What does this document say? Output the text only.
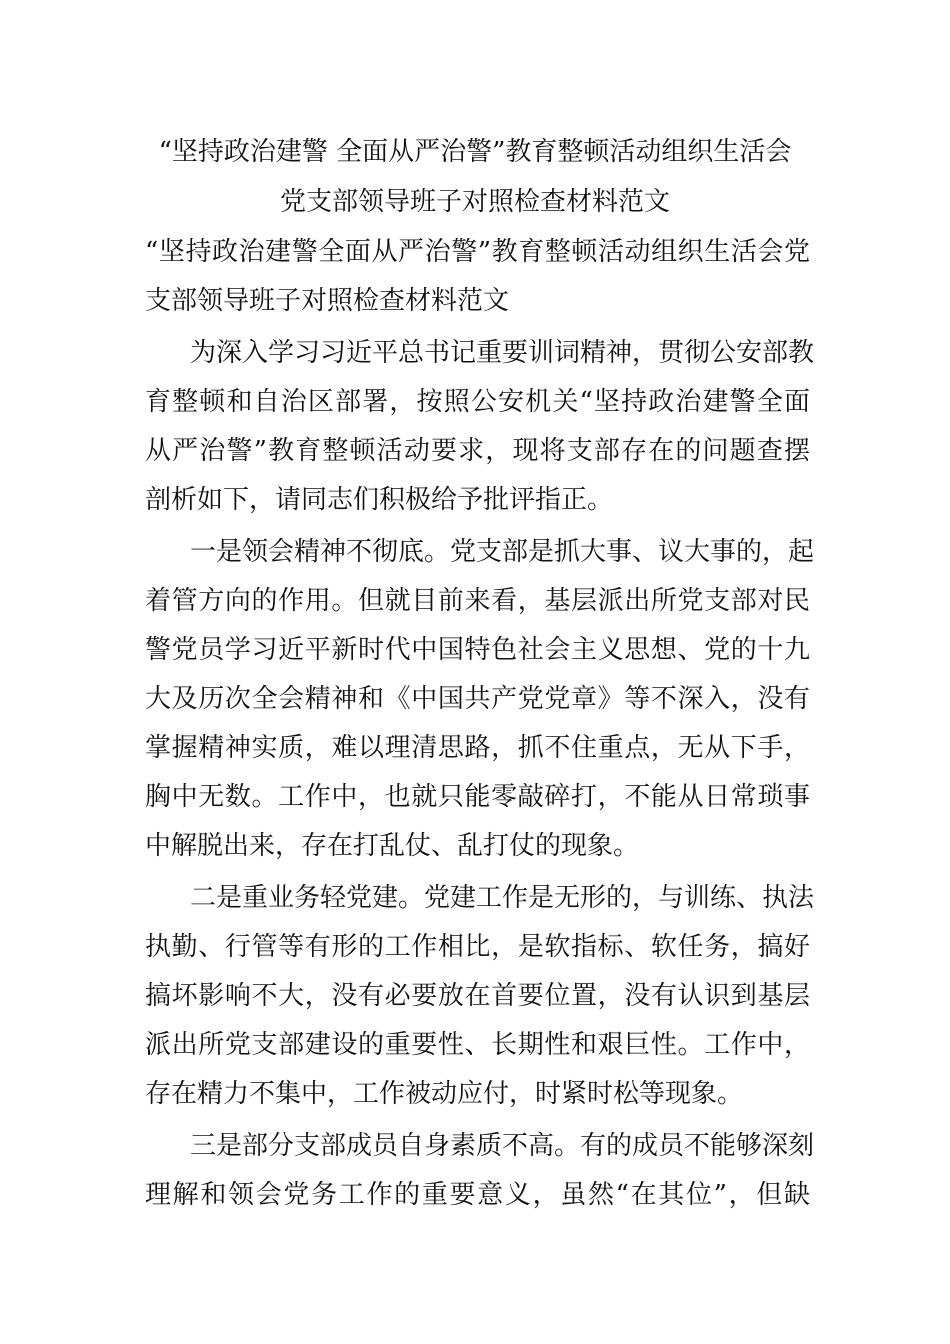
“坚持政治建警 全面从严治警”教育整顿活动组织生活会
党支部领导班子对照检查材料范文
“坚持政治建警全面从严治警”教育整顿活动组织生活会党
支部领导班子对照检查材料范文
为深入学习习近平总书记重要训词精神，贯彻公安部教
育整顿和自治区部署，按照公安机关“坚持政治建警全面
从严治警”教育整顿活动要求，现将支部存在的问题查摆
剖析如下，请同志们积极给予批评指正。
一是领会精神不彻底。党支部是抓大事、议大事的，起
着管方向的作用。但就目前来看，基层派出所党支部对民
警党员学习近平新时代中国特色社会主义思想、党的十九
大及历次全会精神和《中国共产党党章》等不深入，没有
掌握精神实质，难以理清思路，抓不住重点，无从下手，
胸中无数。工作中，也就只能零敲碎打，不能从日常琐事
中解脱出来，存在打乱仗、乱打仗的现象。
二是重业务轻党建。党建工作是无形的，与训练、执法
执勤、行管等有形的工作相比，是软指标、软任务，搞好
搞坏影响不大，没有必要放在首要位置，没有认识到基层
派出所党支部建设的重要性、长期性和艰巨性。工作中，
存在精力不集中，工作被动应付，时紧时松等现象。
三是部分支部成员自身素质不高。有的成员不能够深刻
理解和领会党务工作的重要意义，虽然“在其位”，但缺
